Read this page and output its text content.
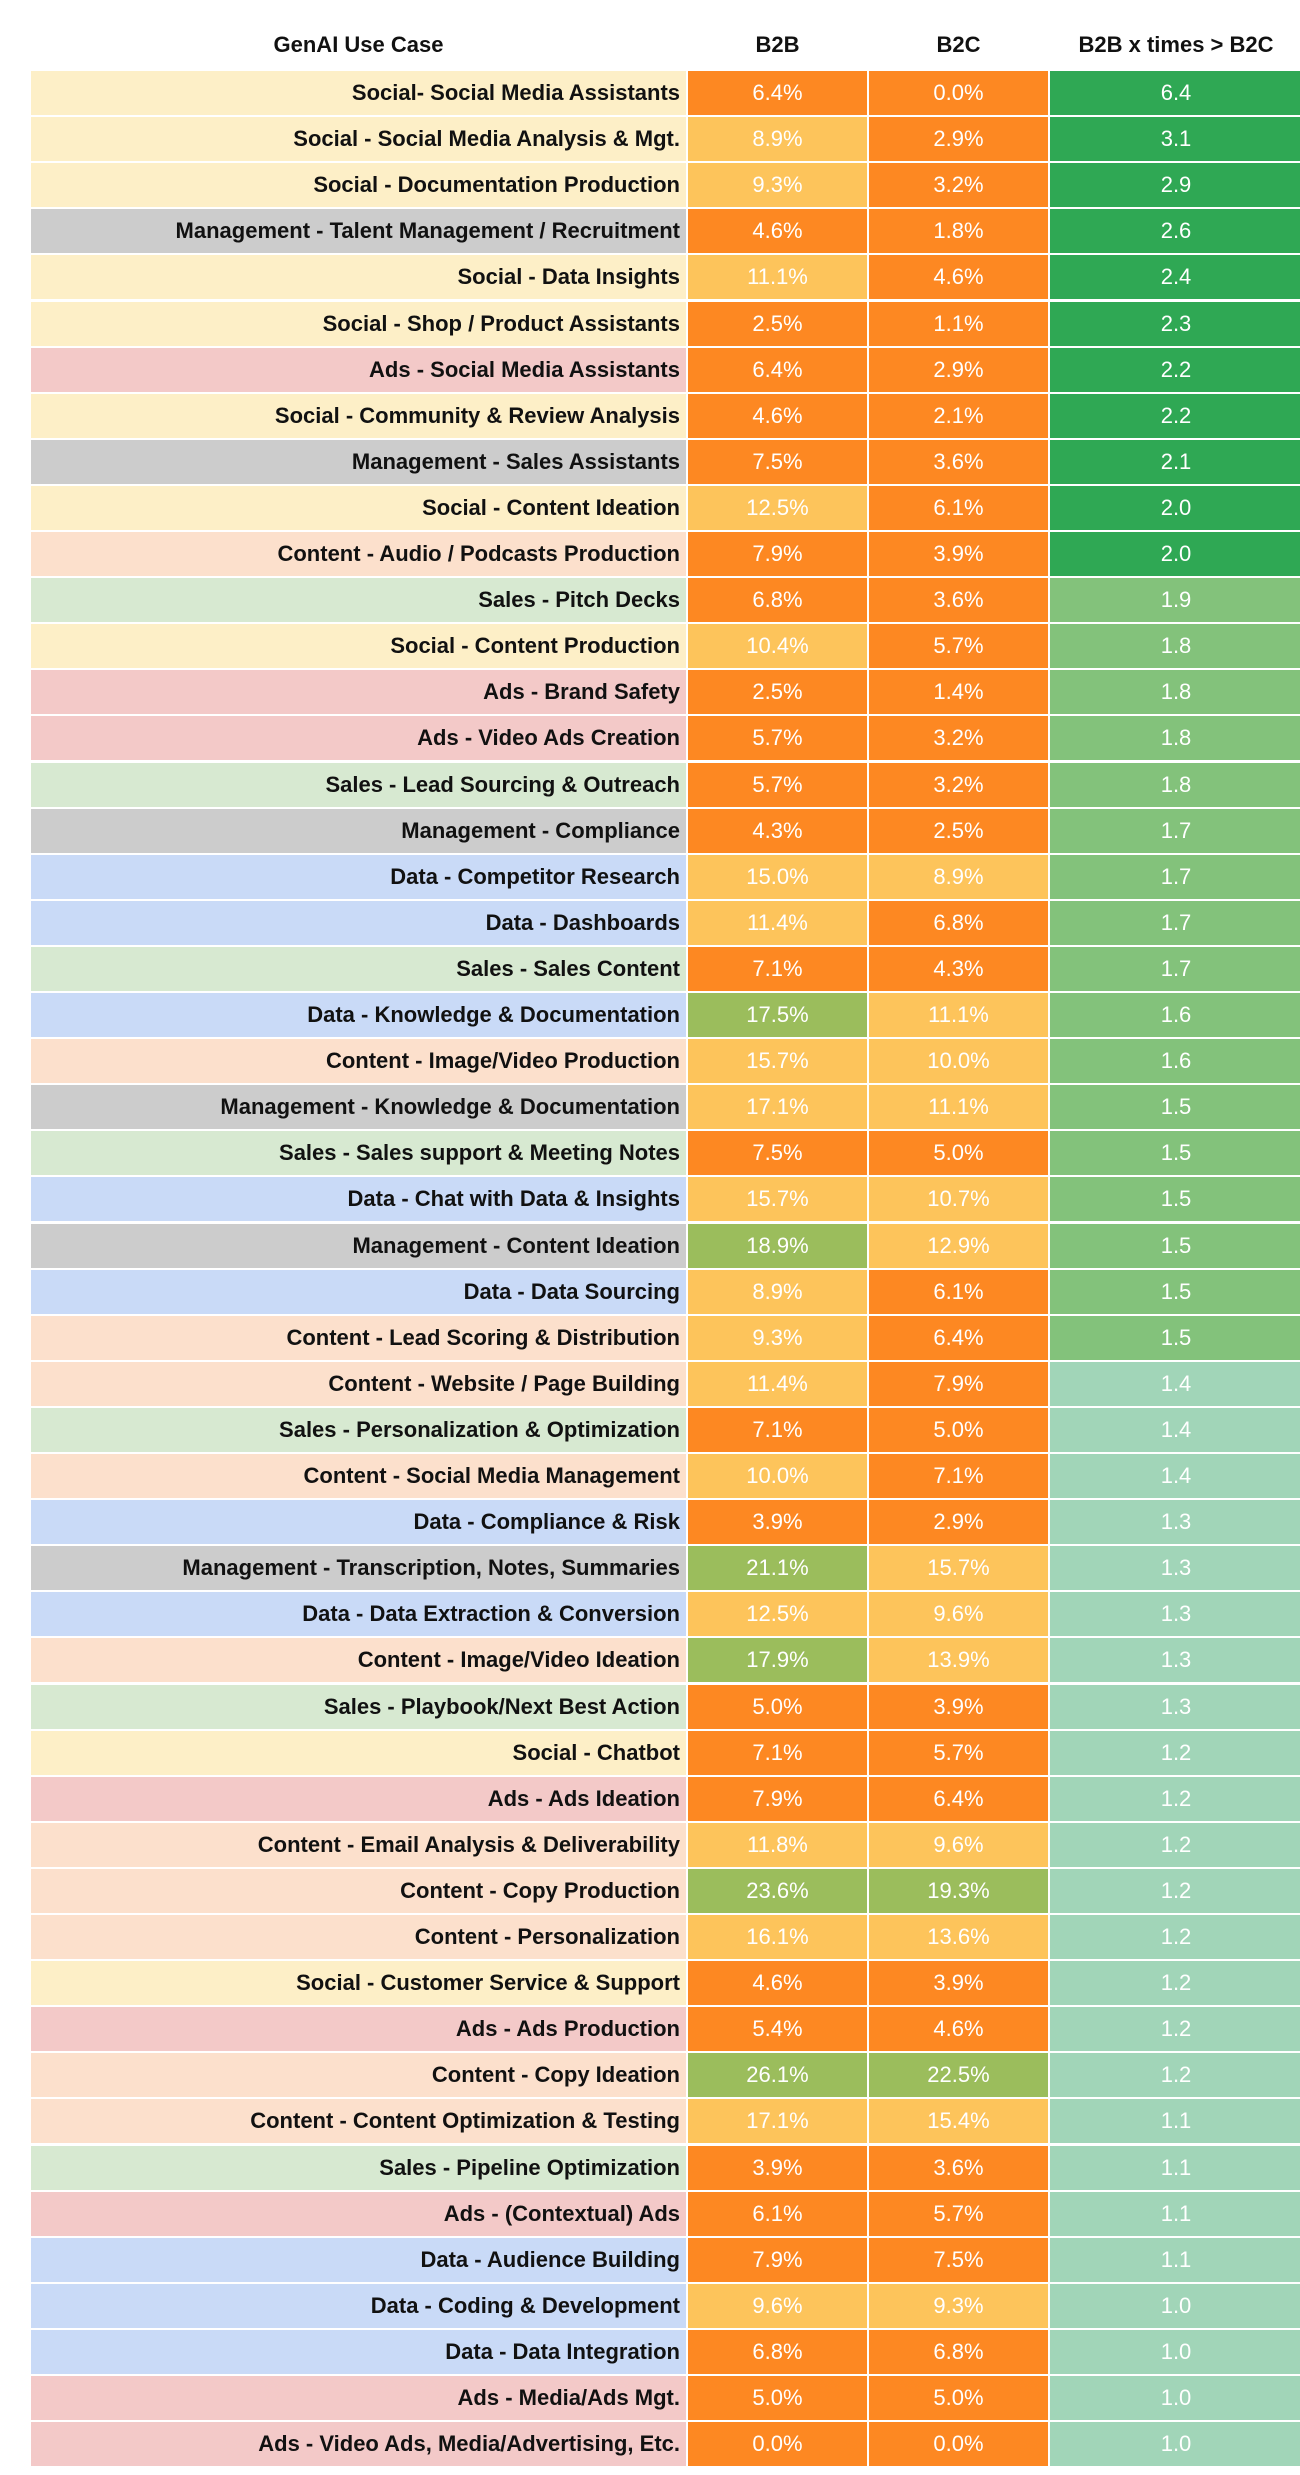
GenAI Use Case	B2B	B2C	B2B x times > B2C
Social- Social Media Assistants	6.4%	0.0%	6.4
Social - Social Media Analysis & Mgt.	8.9%	2.9%	3.1
Social - Documentation Production	9.3%	3.2%	2.9
Management - Talent Management / Recruitment	4.6%	1.8%	2.6
Social - Data Insights	11.1%	4.6%	2.4
Social - Shop / Product Assistants	2.5%	1.1%	2.3
Ads - Social Media Assistants	6.4%	2.9%	2.2
Social - Community & Review Analysis	4.6%	2.1%	2.2
Management - Sales Assistants	7.5%	3.6%	2.1
Social - Content Ideation	12.5%	6.1%	2.0
Content - Audio / Podcasts Production	7.9%	3.9%	2.0
Sales - Pitch Decks	6.8%	3.6%	1.9
Social - Content Production	10.4%	5.7%	1.8
Ads - Brand Safety	2.5%	1.4%	1.8
Ads - Video Ads Creation	5.7%	3.2%	1.8
Sales - Lead Sourcing & Outreach	5.7%	3.2%	1.8
Management - Compliance	4.3%	2.5%	1.7
Data - Competitor Research	15.0%	8.9%	1.7
Data - Dashboards	11.4%	6.8%	1.7
Sales - Sales Content	7.1%	4.3%	1.7
Data - Knowledge & Documentation	17.5%	11.1%	1.6
Content - Image/Video Production	15.7%	10.0%	1.6
Management - Knowledge & Documentation	17.1%	11.1%	1.5
Sales - Sales support & Meeting Notes	7.5%	5.0%	1.5
Data - Chat with Data & Insights	15.7%	10.7%	1.5
Management - Content Ideation	18.9%	12.9%	1.5
Data - Data Sourcing	8.9%	6.1%	1.5
Content - Lead Scoring & Distribution	9.3%	6.4%	1.5
Content - Website / Page Building	11.4%	7.9%	1.4
Sales - Personalization & Optimization	7.1%	5.0%	1.4
Content - Social Media Management	10.0%	7.1%	1.4
Data - Compliance & Risk	3.9%	2.9%	1.3
Management - Transcription, Notes, Summaries	21.1%	15.7%	1.3
Data - Data Extraction & Conversion	12.5%	9.6%	1.3
Content - Image/Video Ideation	17.9%	13.9%	1.3
Sales - Playbook/Next Best Action	5.0%	3.9%	1.3
Social - Chatbot	7.1%	5.7%	1.2
Ads - Ads Ideation	7.9%	6.4%	1.2
Content - Email Analysis & Deliverability	11.8%	9.6%	1.2
Content - Copy Production	23.6%	19.3%	1.2
Content - Personalization	16.1%	13.6%	1.2
Social - Customer Service & Support	4.6%	3.9%	1.2
Ads - Ads Production	5.4%	4.6%	1.2
Content - Copy Ideation	26.1%	22.5%	1.2
Content - Content Optimization & Testing	17.1%	15.4%	1.1
Sales - Pipeline Optimization	3.9%	3.6%	1.1
Ads - (Contextual) Ads	6.1%	5.7%	1.1
Data - Audience Building	7.9%	7.5%	1.1
Data - Coding & Development	9.6%	9.3%	1.0
Data - Data Integration	6.8%	6.8%	1.0
Ads - Media/Ads Mgt.	5.0%	5.0%	1.0
Ads - Video Ads, Media/Advertising, Etc.	0.0%	0.0%	1.0
